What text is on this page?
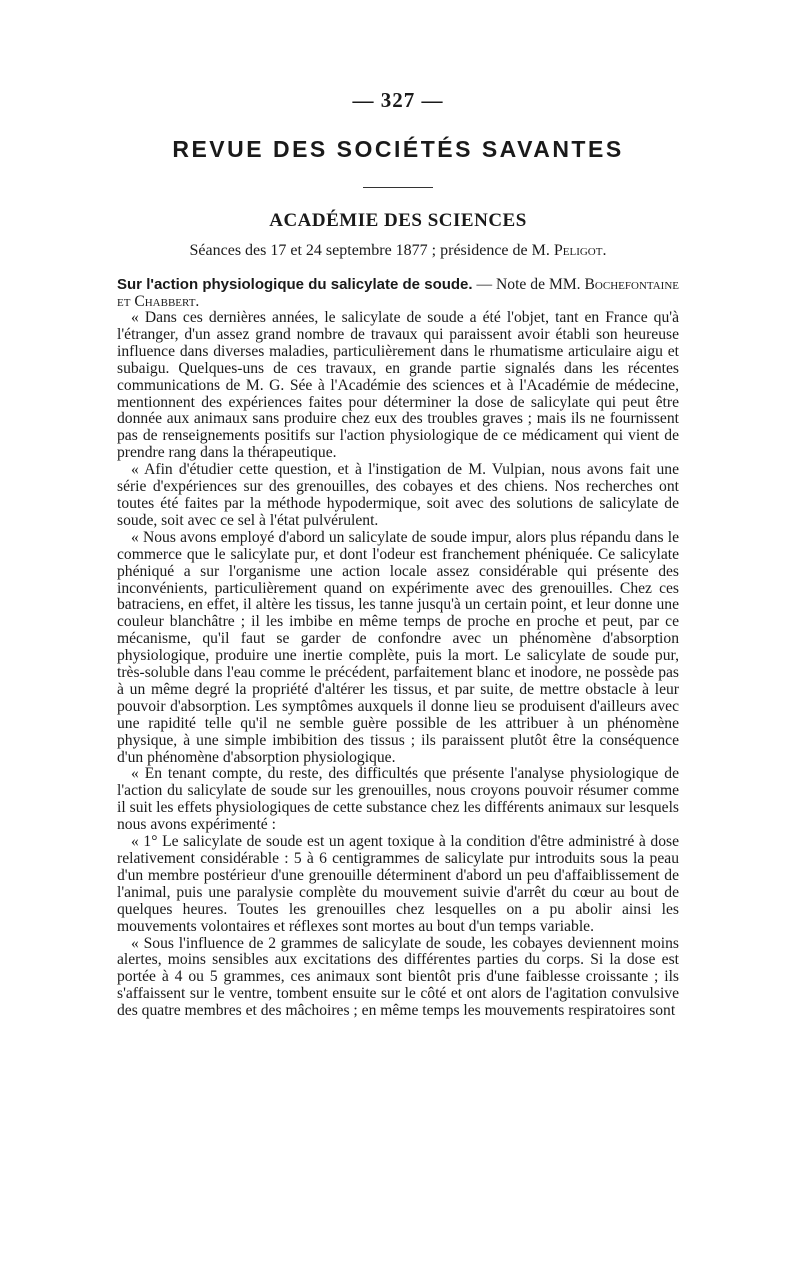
— 327 —
REVUE DES SOCIÉTÉS SAVANTES
ACADÉMIE DES SCIENCES

Séances des 17 et 24 septembre 1877 ; présidence de M. Peligot.

Sur l'action physiologique du salicylate de soude. — Note de MM. Bochefontaine et Chabbert.

« Dans ces dernières années, le salicylate de soude a été l'objet, tant en France qu'à l'étranger, d'un assez grand nombre de travaux qui paraissent avoir établi son heureuse influence dans diverses maladies, particulièrement dans le rhumatisme articulaire aigu et subaigu. Quelques-uns de ces travaux, en grande partie signalés dans les récentes communications de M. G. Sée à l'Académie des sciences et à l'Académie de médecine, mentionnent des expériences faites pour déterminer la dose de salicylate qui peut être donnée aux animaux sans produire chez eux des troubles graves ; mais ils ne fournissent pas de renseignements positifs sur l'action physiologique de ce médicament qui vient de prendre rang dans la thérapeutique.

« Afin d'étudier cette question, et à l'instigation de M. Vulpian, nous avons fait une série d'expériences sur des grenouilles, des cobayes et des chiens. Nos recherches ont toutes été faites par la méthode hypodermique, soit avec des solutions de salicylate de soude, soit avec ce sel à l'état pulvérulent.

« Nous avons employé d'abord un salicylate de soude impur, alors plus répandu dans le commerce que le salicylate pur, et dont l'odeur est franchement phéniquée. Ce salicylate phéniqué a sur l'organisme une action locale assez considérable qui présente des inconvénients, particulièrement quand on expérimente avec des grenouilles. Chez ces batraciens, en effet, il altère les tissus, les tanne jusqu'à un certain point, et leur donne une couleur blanchâtre ; il les imbibe en même temps de proche en proche et peut, par ce mécanisme, qu'il faut se garder de confondre avec un phénomène d'absorption physiologique, produire une inertie complète, puis la mort. Le salicylate de soude pur, très-soluble dans l'eau comme le précédent, parfaitement blanc et inodore, ne possède pas à un même degré la propriété d'altérer les tissus, et par suite, de mettre obstacle à leur pouvoir d'absorption. Les symptômes auxquels il donne lieu se produisent d'ailleurs avec une rapidité telle qu'il ne semble guère possible de les attribuer à un phénomène physique, à une simple imbibition des tissus ; ils paraissent plutôt être la conséquence d'un phénomène d'absorption physiologique.

« En tenant compte, du reste, des difficultés que présente l'analyse physiologique de l'action du salicylate de soude sur les grenouilles, nous croyons pouvoir résumer comme il suit les effets physiologiques de cette substance chez les différents animaux sur lesquels nous avons expérimenté :

« 1° Le salicylate de soude est un agent toxique à la condition d'être administré à dose relativement considérable : 5 à 6 centigrammes de salicylate pur introduits sous la peau d'un membre postérieur d'une grenouille déterminent d'abord un peu d'affaiblissement de l'animal, puis une paralysie complète du mouvement suivie d'arrêt du cœur au bout de quelques heures. Toutes les grenouilles chez lesquelles on a pu abolir ainsi les mouvements volontaires et réflexes sont mortes au bout d'un temps variable.

« Sous l'influence de 2 grammes de salicylate de soude, les cobayes deviennent moins alertes, moins sensibles aux excitations des différentes parties du corps. Si la dose est portée à 4 ou 5 grammes, ces animaux sont bientôt pris d'une faiblesse croissante ; ils s'affaissent sur le ventre, tombent ensuite sur le côté et ont alors de l'agitation convulsive des quatre membres et des mâchoires ; en même temps les mouvements respiratoires sont
